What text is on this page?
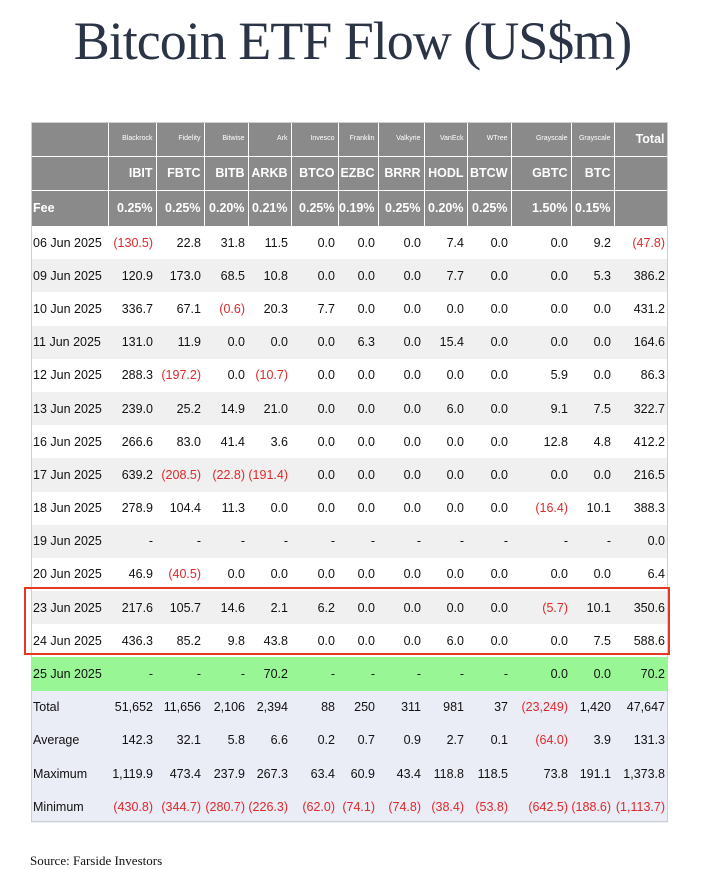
Bitcoin ETF Flow (US$m)
	Blackrock	Fidelity	Bitwise	Ark	Invesco	Franklin	Valkyrie	VanEck	WTree	Grayscale	Grayscale	Total
	IBIT	FBTC	BITB	ARKB	BTCO	EZBC	BRRR	HODL	BTCW	GBTC	BTC	
Fee	0.25%	0.25%	0.20%	0.21%	0.25%	0.19%	0.25%	0.20%	0.25%	1.50%	0.15%	
06 Jun 2025	(130.5)	22.8	31.8	11.5	0.0	0.0	0.0	7.4	0.0	0.0	9.2	(47.8)
09 Jun 2025	120.9	173.0	68.5	10.8	0.0	0.0	0.0	7.7	0.0	0.0	5.3	386.2
10 Jun 2025	336.7	67.1	(0.6)	20.3	7.7	0.0	0.0	0.0	0.0	0.0	0.0	431.2
11 Jun 2025	131.0	11.9	0.0	0.0	0.0	6.3	0.0	15.4	0.0	0.0	0.0	164.6
12 Jun 2025	288.3	(197.2)	0.0	(10.7)	0.0	0.0	0.0	0.0	0.0	5.9	0.0	86.3
13 Jun 2025	239.0	25.2	14.9	21.0	0.0	0.0	0.0	6.0	0.0	9.1	7.5	322.7
16 Jun 2025	266.6	83.0	41.4	3.6	0.0	0.0	0.0	0.0	0.0	12.8	4.8	412.2
17 Jun 2025	639.2	(208.5)	(22.8)	(191.4)	0.0	0.0	0.0	0.0	0.0	0.0	0.0	216.5
18 Jun 2025	278.9	104.4	11.3	0.0	0.0	0.0	0.0	0.0	0.0	(16.4)	10.1	388.3
19 Jun 2025	-	-	-	-	-	-	-	-	-	-	-	0.0
20 Jun 2025	46.9	(40.5)	0.0	0.0	0.0	0.0	0.0	0.0	0.0	0.0	0.0	6.4
23 Jun 2025	217.6	105.7	14.6	2.1	6.2	0.0	0.0	0.0	0.0	(5.7)	10.1	350.6
24 Jun 2025	436.3	85.2	9.8	43.8	0.0	0.0	0.0	6.0	0.0	0.0	7.5	588.6
25 Jun 2025	-	-	-	70.2	-	-	-	-	-	0.0	0.0	70.2
Total	51,652	11,656	2,106	2,394	88	250	311	981	37	(23,249)	1,420	47,647
Average	142.3	32.1	5.8	6.6	0.2	0.7	0.9	2.7	0.1	(64.0)	3.9	131.3
Maximum	1,119.9	473.4	237.9	267.3	63.4	60.9	43.4	118.8	118.5	73.8	191.1	1,373.8
Minimum	(430.8)	(344.7)	(280.7)	(226.3)	(62.0)	(74.1)	(74.8)	(38.4)	(53.8)	(642.5)	(188.6)	(1,113.7)
Source: Farside Investors
